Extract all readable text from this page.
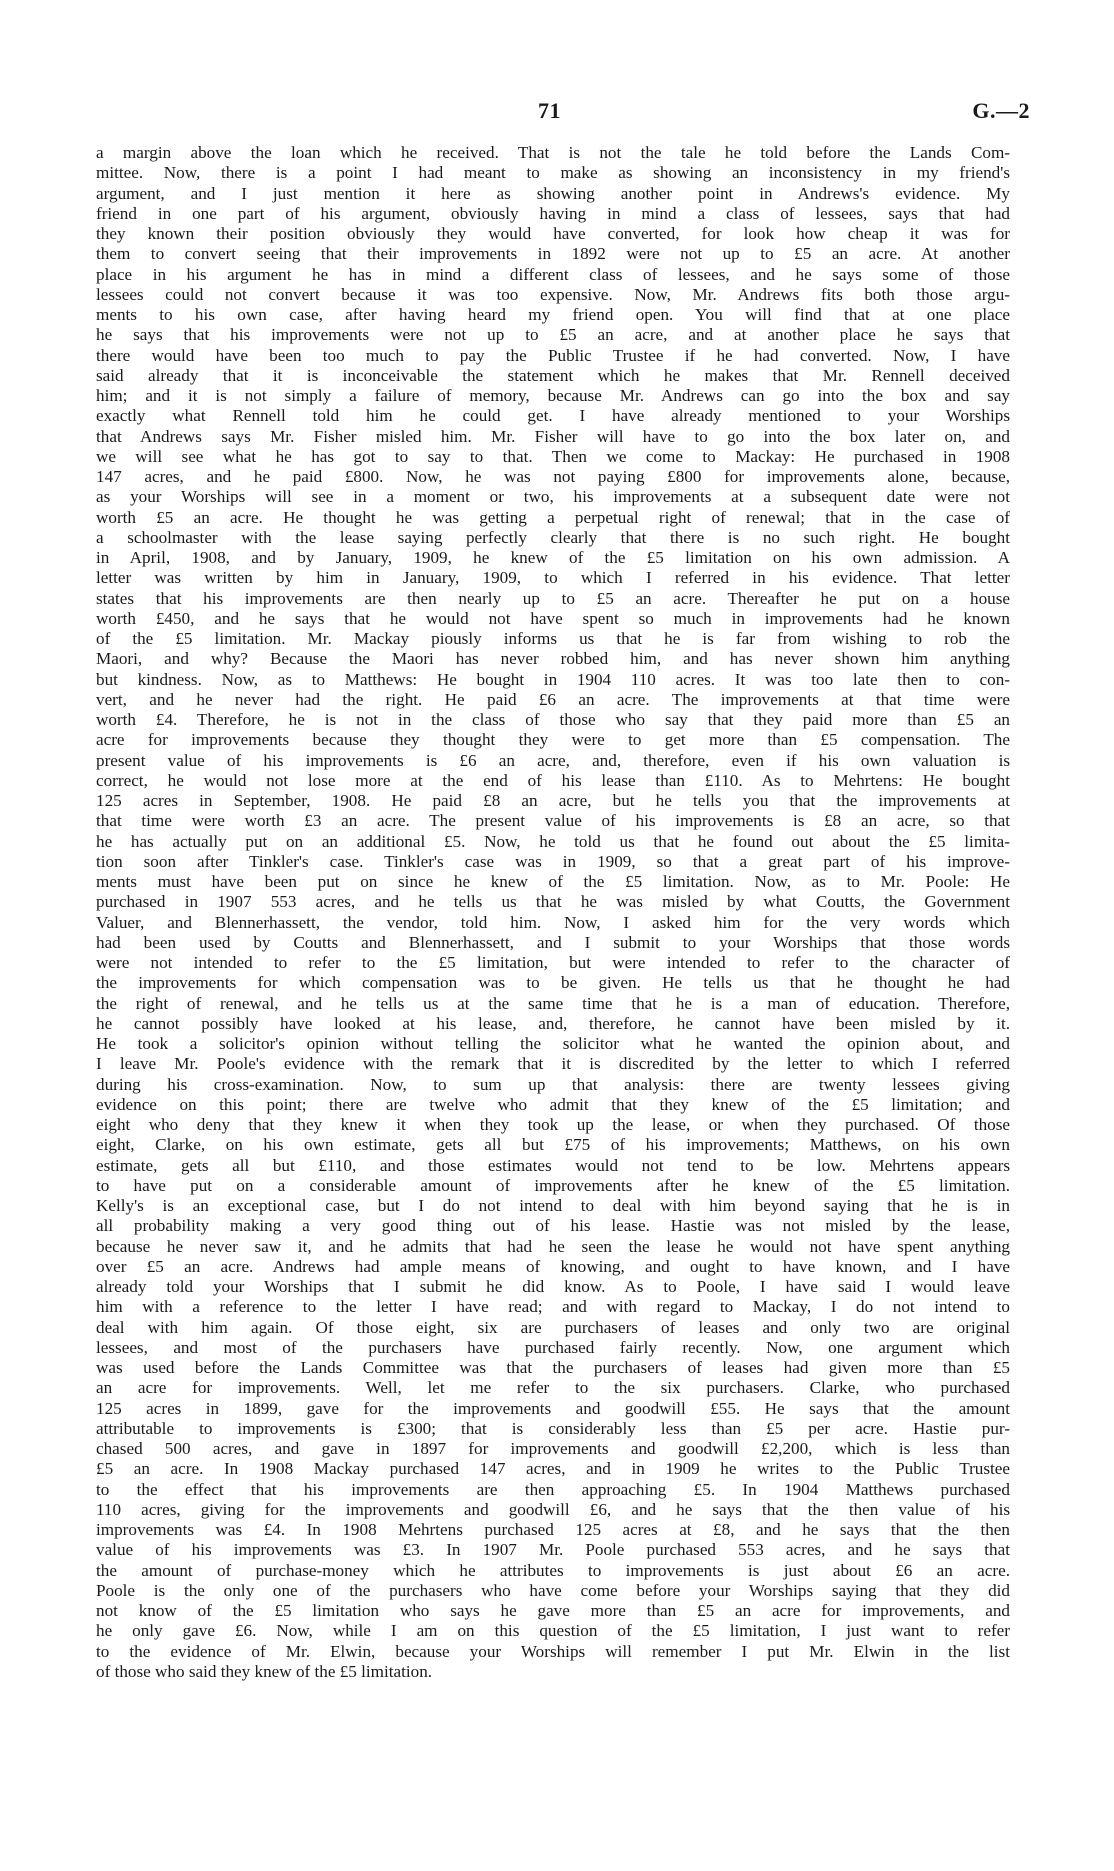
71	G.—2
a margin above the loan which he received. That is not the tale he told before the Lands Com-
mittee. Now, there is a point I had meant to make as showing an inconsistency in my friend's
argument, and I just mention it here as showing another point in Andrews's evidence. My
friend in one part of his argument, obviously having in mind a class of lessees, says that had
they known their position obviously they would have converted, for look how cheap it was for
them to convert seeing that their improvements in 1892 were not up to £5 an acre. At another
place in his argument he has in mind a different class of lessees, and he says some of those
lessees could not convert because it was too expensive. Now, Mr. Andrews fits both those argu-
ments to his own case, after having heard my friend open. You will find that at one place
he says that his improvements were not up to £5 an acre, and at another place he says that
there would have been too much to pay the Public Trustee if he had converted. Now, I have
said already that it is inconceivable the statement which he makes that Mr. Rennell deceived
him; and it is not simply a failure of memory, because Mr. Andrews can go into the box and say
exactly what Rennell told him he could get. I have already mentioned to your Worships
that Andrews says Mr. Fisher misled him. Mr. Fisher will have to go into the box later on, and
we will see what he has got to say to that. Then we come to Mackay: He purchased in 1908
147 acres, and he paid £800. Now, he was not paying £800 for improvements alone, because,
as your Worships will see in a moment or two, his improvements at a subsequent date were not
worth £5 an acre. He thought he was getting a perpetual right of renewal; that in the case of
a schoolmaster with the lease saying perfectly clearly that there is no such right. He bought
in April, 1908, and by January, 1909, he knew of the £5 limitation on his own admission. A
letter was written by him in January, 1909, to which I referred in his evidence. That letter
states that his improvements are then nearly up to £5 an acre. Thereafter he put on a house
worth £450, and he says that he would not have spent so much in improvements had he known
of the £5 limitation. Mr. Mackay piously informs us that he is far from wishing to rob the
Maori, and why? Because the Maori has never robbed him, and has never shown him anything
but kindness. Now, as to Matthews: He bought in 1904 110 acres. It was too late then to con-
vert, and he never had the right. He paid £6 an acre. The improvements at that time were
worth £4. Therefore, he is not in the class of those who say that they paid more than £5 an
acre for improvements because they thought they were to get more than £5 compensation. The
present value of his improvements is £6 an acre, and, therefore, even if his own valuation is
correct, he would not lose more at the end of his lease than £110. As to Mehrtens: He bought
125 acres in September, 1908. He paid £8 an acre, but he tells you that the improvements at
that time were worth £3 an acre. The present value of his improvements is £8 an acre, so that
he has actually put on an additional £5. Now, he told us that he found out about the £5 limita-
tion soon after Tinkler's case. Tinkler's case was in 1909, so that a great part of his improve-
ments must have been put on since he knew of the £5 limitation. Now, as to Mr. Poole: He
purchased in 1907 553 acres, and he tells us that he was misled by what Coutts, the Government
Valuer, and Blennerhassett, the vendor, told him. Now, I asked him for the very words which
had been used by Coutts and Blennerhassett, and I submit to your Worships that those words
were not intended to refer to the £5 limitation, but were intended to refer to the character of
the improvements for which compensation was to be given. He tells us that he thought he had
the right of renewal, and he tells us at the same time that he is a man of education. Therefore,
he cannot possibly have looked at his lease, and, therefore, he cannot have been misled by it.
He took a solicitor's opinion without telling the solicitor what he wanted the opinion about, and
I leave Mr. Poole's evidence with the remark that it is discredited by the letter to which I referred
during his cross-examination. Now, to sum up that analysis: there are twenty lessees giving
evidence on this point; there are twelve who admit that they knew of the £5 limitation; and
eight who deny that they knew it when they took up the lease, or when they purchased. Of those
eight, Clarke, on his own estimate, gets all but £75 of his improvements; Matthews, on his own
estimate, gets all but £110, and those estimates would not tend to be low. Mehrtens appears
to have put on a considerable amount of improvements after he knew of the £5 limitation.
Kelly's is an exceptional case, but I do not intend to deal with him beyond saying that he is in
all probability making a very good thing out of his lease. Hastie was not misled by the lease,
because he never saw it, and he admits that had he seen the lease he would not have spent anything
over £5 an acre. Andrews had ample means of knowing, and ought to have known, and I have
already told your Worships that I submit he did know. As to Poole, I have said I would leave
him with a reference to the letter I have read; and with regard to Mackay, I do not intend to
deal with him again. Of those eight, six are purchasers of leases and only two are original
lessees, and most of the purchasers have purchased fairly recently. Now, one argument which
was used before the Lands Committee was that the purchasers of leases had given more than £5
an acre for improvements. Well, let me refer to the six purchasers. Clarke, who purchased
125 acres in 1899, gave for the improvements and goodwill £55. He says that the amount
attributable to improvements is £300; that is considerably less than £5 per acre. Hastie pur-
chased 500 acres, and gave in 1897 for improvements and goodwill £2,200, which is less than
£5 an acre. In 1908 Mackay purchased 147 acres, and in 1909 he writes to the Public Trustee
to the effect that his improvements are then approaching £5. In 1904 Matthews purchased
110 acres, giving for the improvements and goodwill £6, and he says that the then value of his
improvements was £4. In 1908 Mehrtens purchased 125 acres at £8, and he says that the then
value of his improvements was £3. In 1907 Mr. Poole purchased 553 acres, and he says that
the amount of purchase-money which he attributes to improvements is just about £6 an acre.
Poole is the only one of the purchasers who have come before your Worships saying that they did
not know of the £5 limitation who says he gave more than £5 an acre for improvements, and
he only gave £6. Now, while I am on this question of the £5 limitation, I just want to refer
to the evidence of Mr. Elwin, because your Worships will remember I put Mr. Elwin in the list
of those who said they knew of the £5 limitation.
